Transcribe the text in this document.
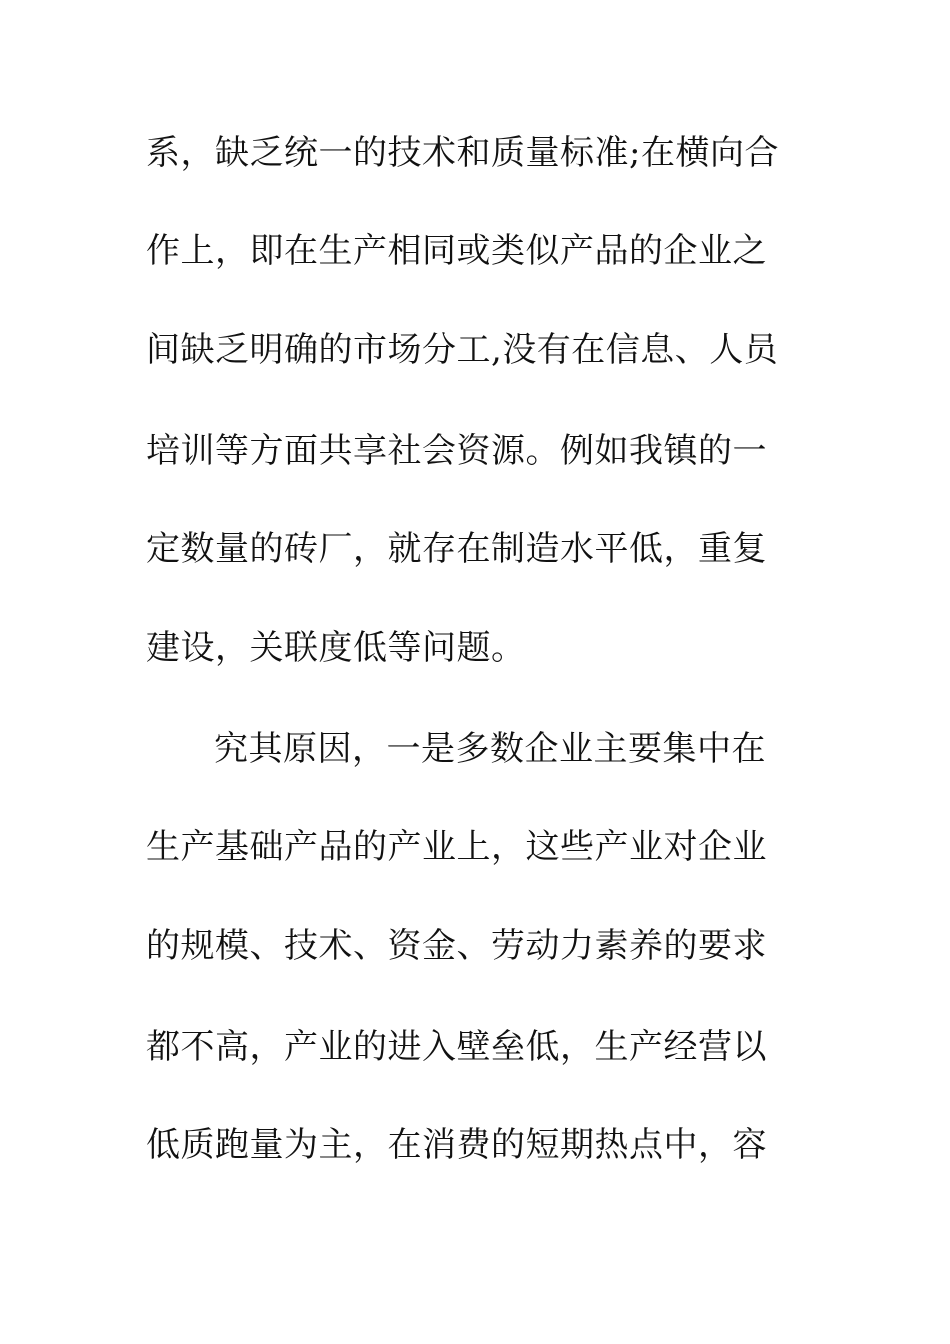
系，缺乏统一的技术和质量标准;在横向合
作上，即在生产相同或类似产品的企业之
间缺乏明确的市场分工,没有在信息、人员
培训等方面共享社会资源。例如我镇的一
定数量的砖厂，就存在制造水平低，重复
建设，关联度低等问题。
究其原因，一是多数企业主要集中在
生产基础产品的产业上，这些产业对企业
的规模、技术、资金、劳动力素养的要求
都不高，产业的进入壁垒低，生产经营以
低质跑量为主，在消费的短期热点中，容
